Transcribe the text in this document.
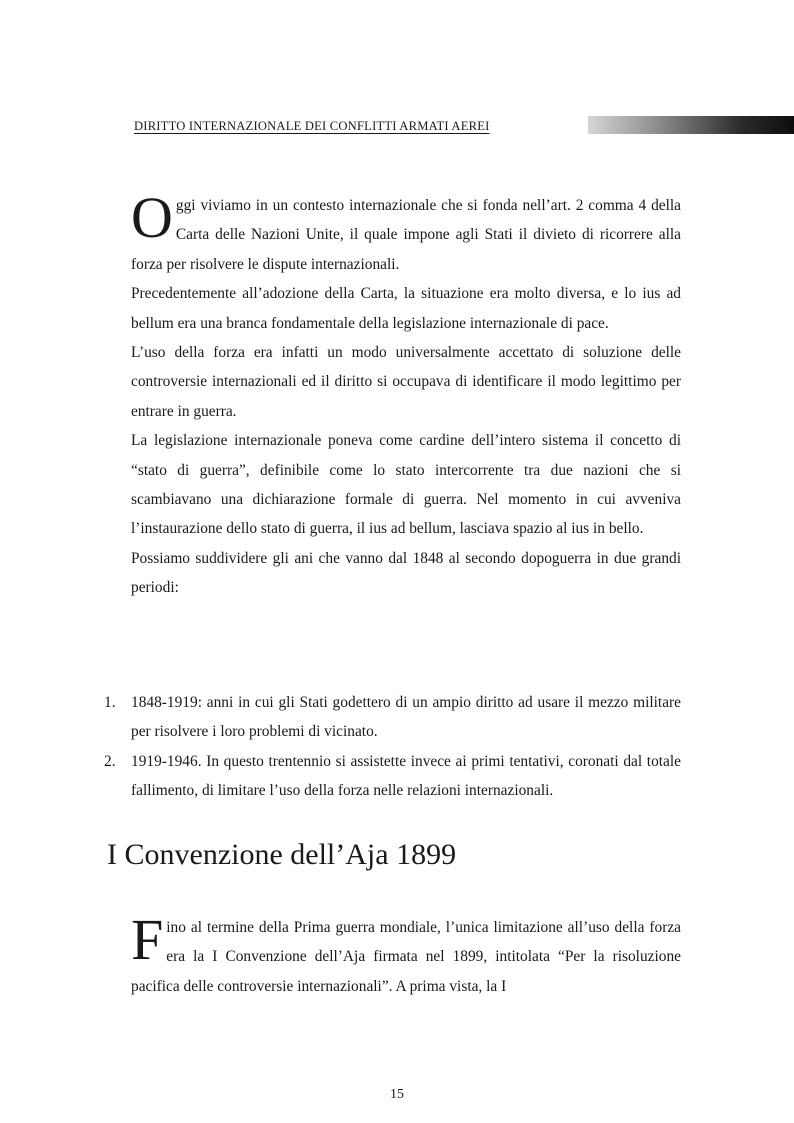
DIRITTO INTERNAZIONALE DEI CONFLITTI ARMATI AEREI

Oggi viviamo in un contesto internazionale che si fonda nell’art. 2 comma 4 della Carta delle Nazioni Unite, il quale impone agli Stati il divieto di ricorrere alla forza per risolvere le dispute internazionali.

Precedentemente all’adozione della Carta, la situazione era molto diversa, e lo ius ad bellum era una branca fondamentale della legislazione internazionale di pace.

L’uso della forza era infatti un modo universalmente accettato di soluzione delle controversie internazionali ed il diritto si occupava di identificare il modo legittimo per entrare in guerra.

La legislazione internazionale poneva come cardine dell’intero sistema il concetto di “stato di guerra”, definibile come lo stato intercorrente tra due nazioni che si scambiavano una dichiarazione formale di guerra. Nel momento in cui avveniva l’instaurazione dello stato di guerra, il ius ad bellum, lasciava spazio al ius in bello.

Possiamo suddividere gli ani che vanno dal 1848 al secondo dopoguerra in due grandi periodi:

1. 1848-1919: anni in cui gli Stati godettero di un ampio diritto ad usare il mezzo militare per risolvere i loro problemi di vicinato.
2. 1919-1946. In questo trentennio si assistette invece ai primi tentativi, coronati dal totale fallimento, di limitare l’uso della forza nelle relazioni internazionali.
I Convenzione dell’Aja 1899

Fino al termine della Prima guerra mondiale, l’unica limitazione all’uso della forza era la I Convenzione dell’Aja firmata nel 1899, intitolata “Per la risoluzione pacifica delle controversie internazionali”. A prima vista, la I

15
